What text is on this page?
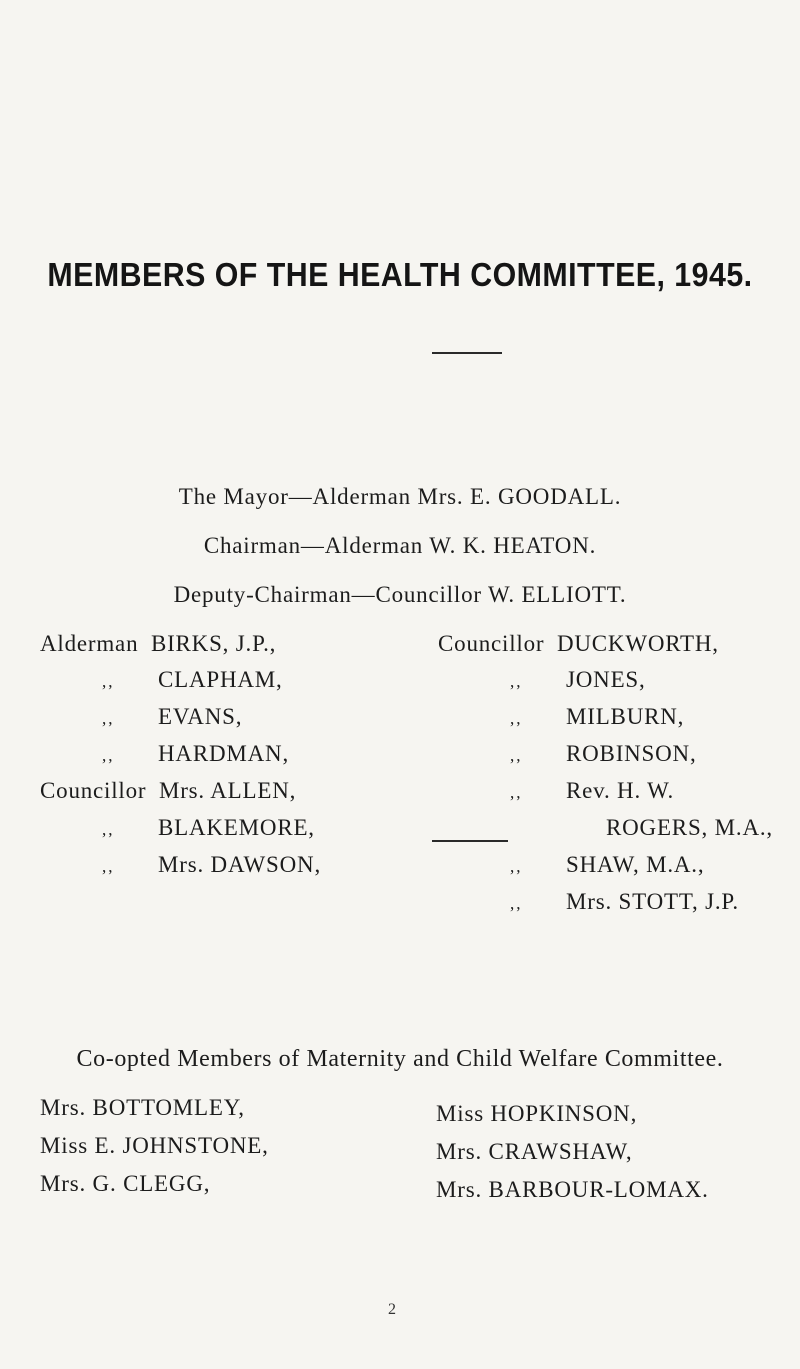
MEMBERS OF THE HEALTH COMMITTEE, 1945.
The Mayor—Alderman Mrs. E. GOODALL.
Chairman—Alderman W. K. HEATON.
Deputy-Chairman—Councillor W. ELLIOTT.
Alderman BIRKS, J.P.,
,, CLAPHAM,
,, EVANS,
,, HARDMAN,
Councillor Mrs. ALLEN,
,, BLAKEMORE,
,, Mrs. DAWSON,
Councillor DUCKWORTH,
,, JONES,
,, MILBURN,
,, ROBINSON,
,, Rev. H. W.
ROGERS, M.A.,
,, SHAW, M.A.,
,, Mrs. STOTT, J.P.
Co-opted Members of Maternity and Child Welfare Committee.
Mrs. BOTTOMLEY,
Miss E. JOHNSTONE,
Mrs. G. CLEGG,
Miss HOPKINSON,
Mrs. CRAWSHAW,
Mrs. BARBOUR-LOMAX.
2
